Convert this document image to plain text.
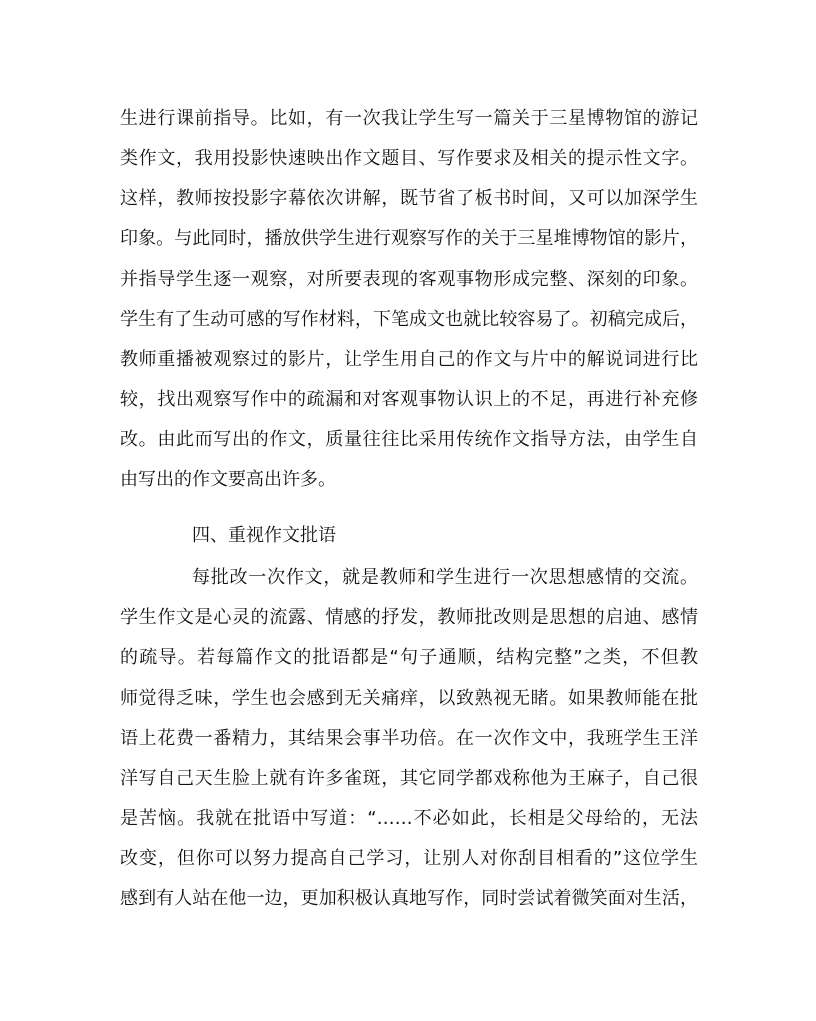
生进行课前指导。比如，有一次我让学生写一篇关于三星博物馆的游记
类作文，我用投影快速映出作文题目、写作要求及相关的提示性文字。
这样，教师按投影字幕依次讲解，既节省了板书时间，又可以加深学生
印象。与此同时，播放供学生进行观察写作的关于三星堆博物馆的影片，
并指导学生逐一观察，对所要表现的客观事物形成完整、深刻的印象。
学生有了生动可感的写作材料，下笔成文也就比较容易了。初稿完成后，
教师重播被观察过的影片，让学生用自己的作文与片中的解说词进行比
较，找出观察写作中的疏漏和对客观事物认识上的不足，再进行补充修
改。由此而写出的作文，质量往往比采用传统作文指导方法，由学生自
由写出的作文要高出许多。
四、重视作文批语
每批改一次作文，就是教师和学生进行一次思想感情的交流。
学生作文是心灵的流露、情感的抒发，教师批改则是思想的启迪、感情
的疏导。若每篇作文的批语都是“句子通顺，结构完整”之类，不但教
师觉得乏味，学生也会感到无关痛痒，以致熟视无睹。如果教师能在批
语上花费一番精力，其结果会事半功倍。在一次作文中，我班学生王洋
洋写自己天生脸上就有许多雀斑，其它同学都戏称他为王麻子，自己很
是苦恼。我就在批语中写道：“……不必如此，长相是父母给的，无法
改变，但你可以努力提高自己学习，让别人对你刮目相看的”这位学生
感到有人站在他一边，更加积极认真地写作，同时尝试着微笑面对生活，
